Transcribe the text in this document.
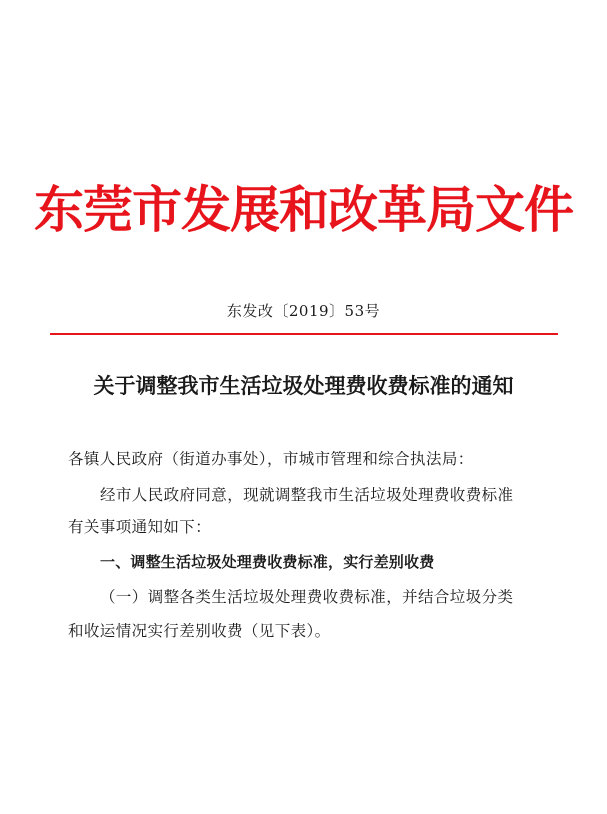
东莞市发展和改革局文件
东发改〔2019〕53号
关于调整我市生活垃圾处理费收费标准的通知
各镇人民政府（街道办事处），市城市管理和综合执法局：
经市人民政府同意，现就调整我市生活垃圾处理费收费标准
有关事项通知如下：
一、调整生活垃圾处理费收费标准，实行差别收费
（一）调整各类生活垃圾处理费收费标准，并结合垃圾分类
和收运情况实行差别收费（见下表）。
